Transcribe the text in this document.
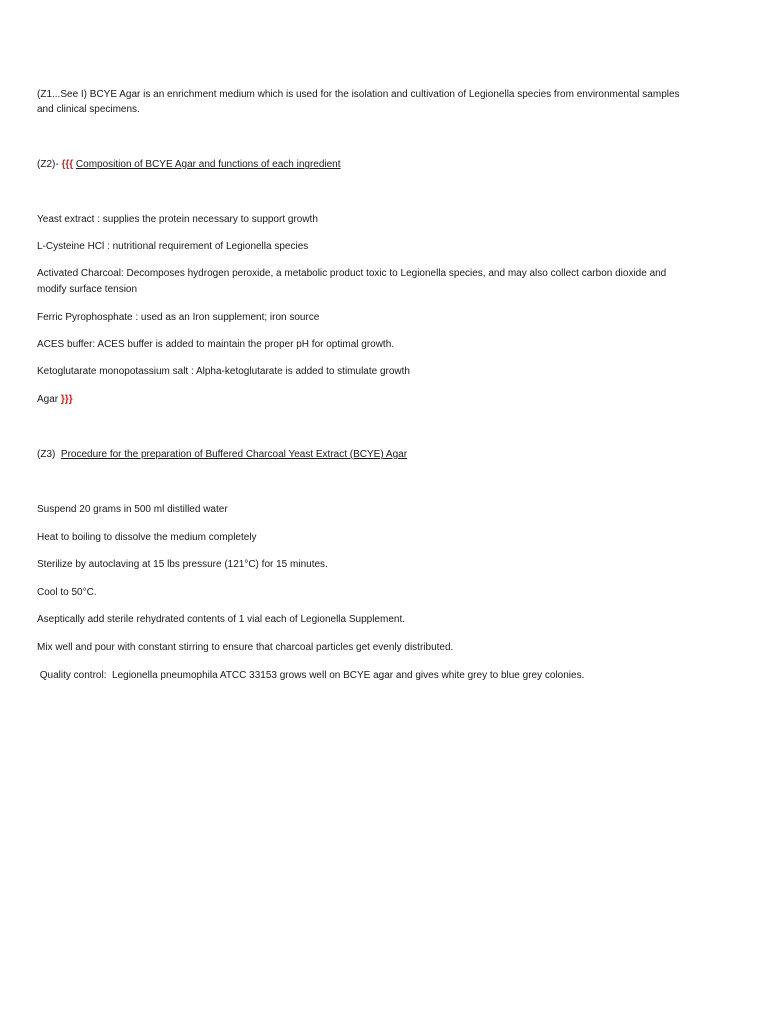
(Z1...See I) BCYE Agar is an enrichment medium which is used for the isolation and cultivation of Legionella species from environmental samples
and clinical specimens.
(Z2)- {{{ Composition of BCYE Agar and functions of each ingredient
Yeast extract : supplies the protein necessary to support growth
L-Cysteine HCl : nutritional requirement of Legionella species
Activated Charcoal: Decomposes hydrogen peroxide, a metabolic product toxic to Legionella species, and may also collect carbon dioxide and
modify surface tension
Ferric Pyrophosphate : used as an Iron supplement; iron source
ACES buffer: ACES buffer is added to maintain the proper pH for optimal growth.
Ketoglutarate monopotassium salt : Alpha-ketoglutarate is added to stimulate growth
Agar }}}
(Z3) Procedure for the preparation of Buffered Charcoal Yeast Extract (BCYE) Agar
Suspend 20 grams in 500 ml distilled water
Heat to boiling to dissolve the medium completely
Sterilize by autoclaving at 15 lbs pressure (121°C) for 15 minutes.
Cool to 50°C.
Aseptically add sterile rehydrated contents of 1 vial each of Legionella Supplement.
Mix well and pour with constant stirring to ensure that charcoal particles get evenly distributed.
Quality control:  Legionella pneumophila ATCC 33153 grows well on BCYE agar and gives white grey to blue grey colonies.
